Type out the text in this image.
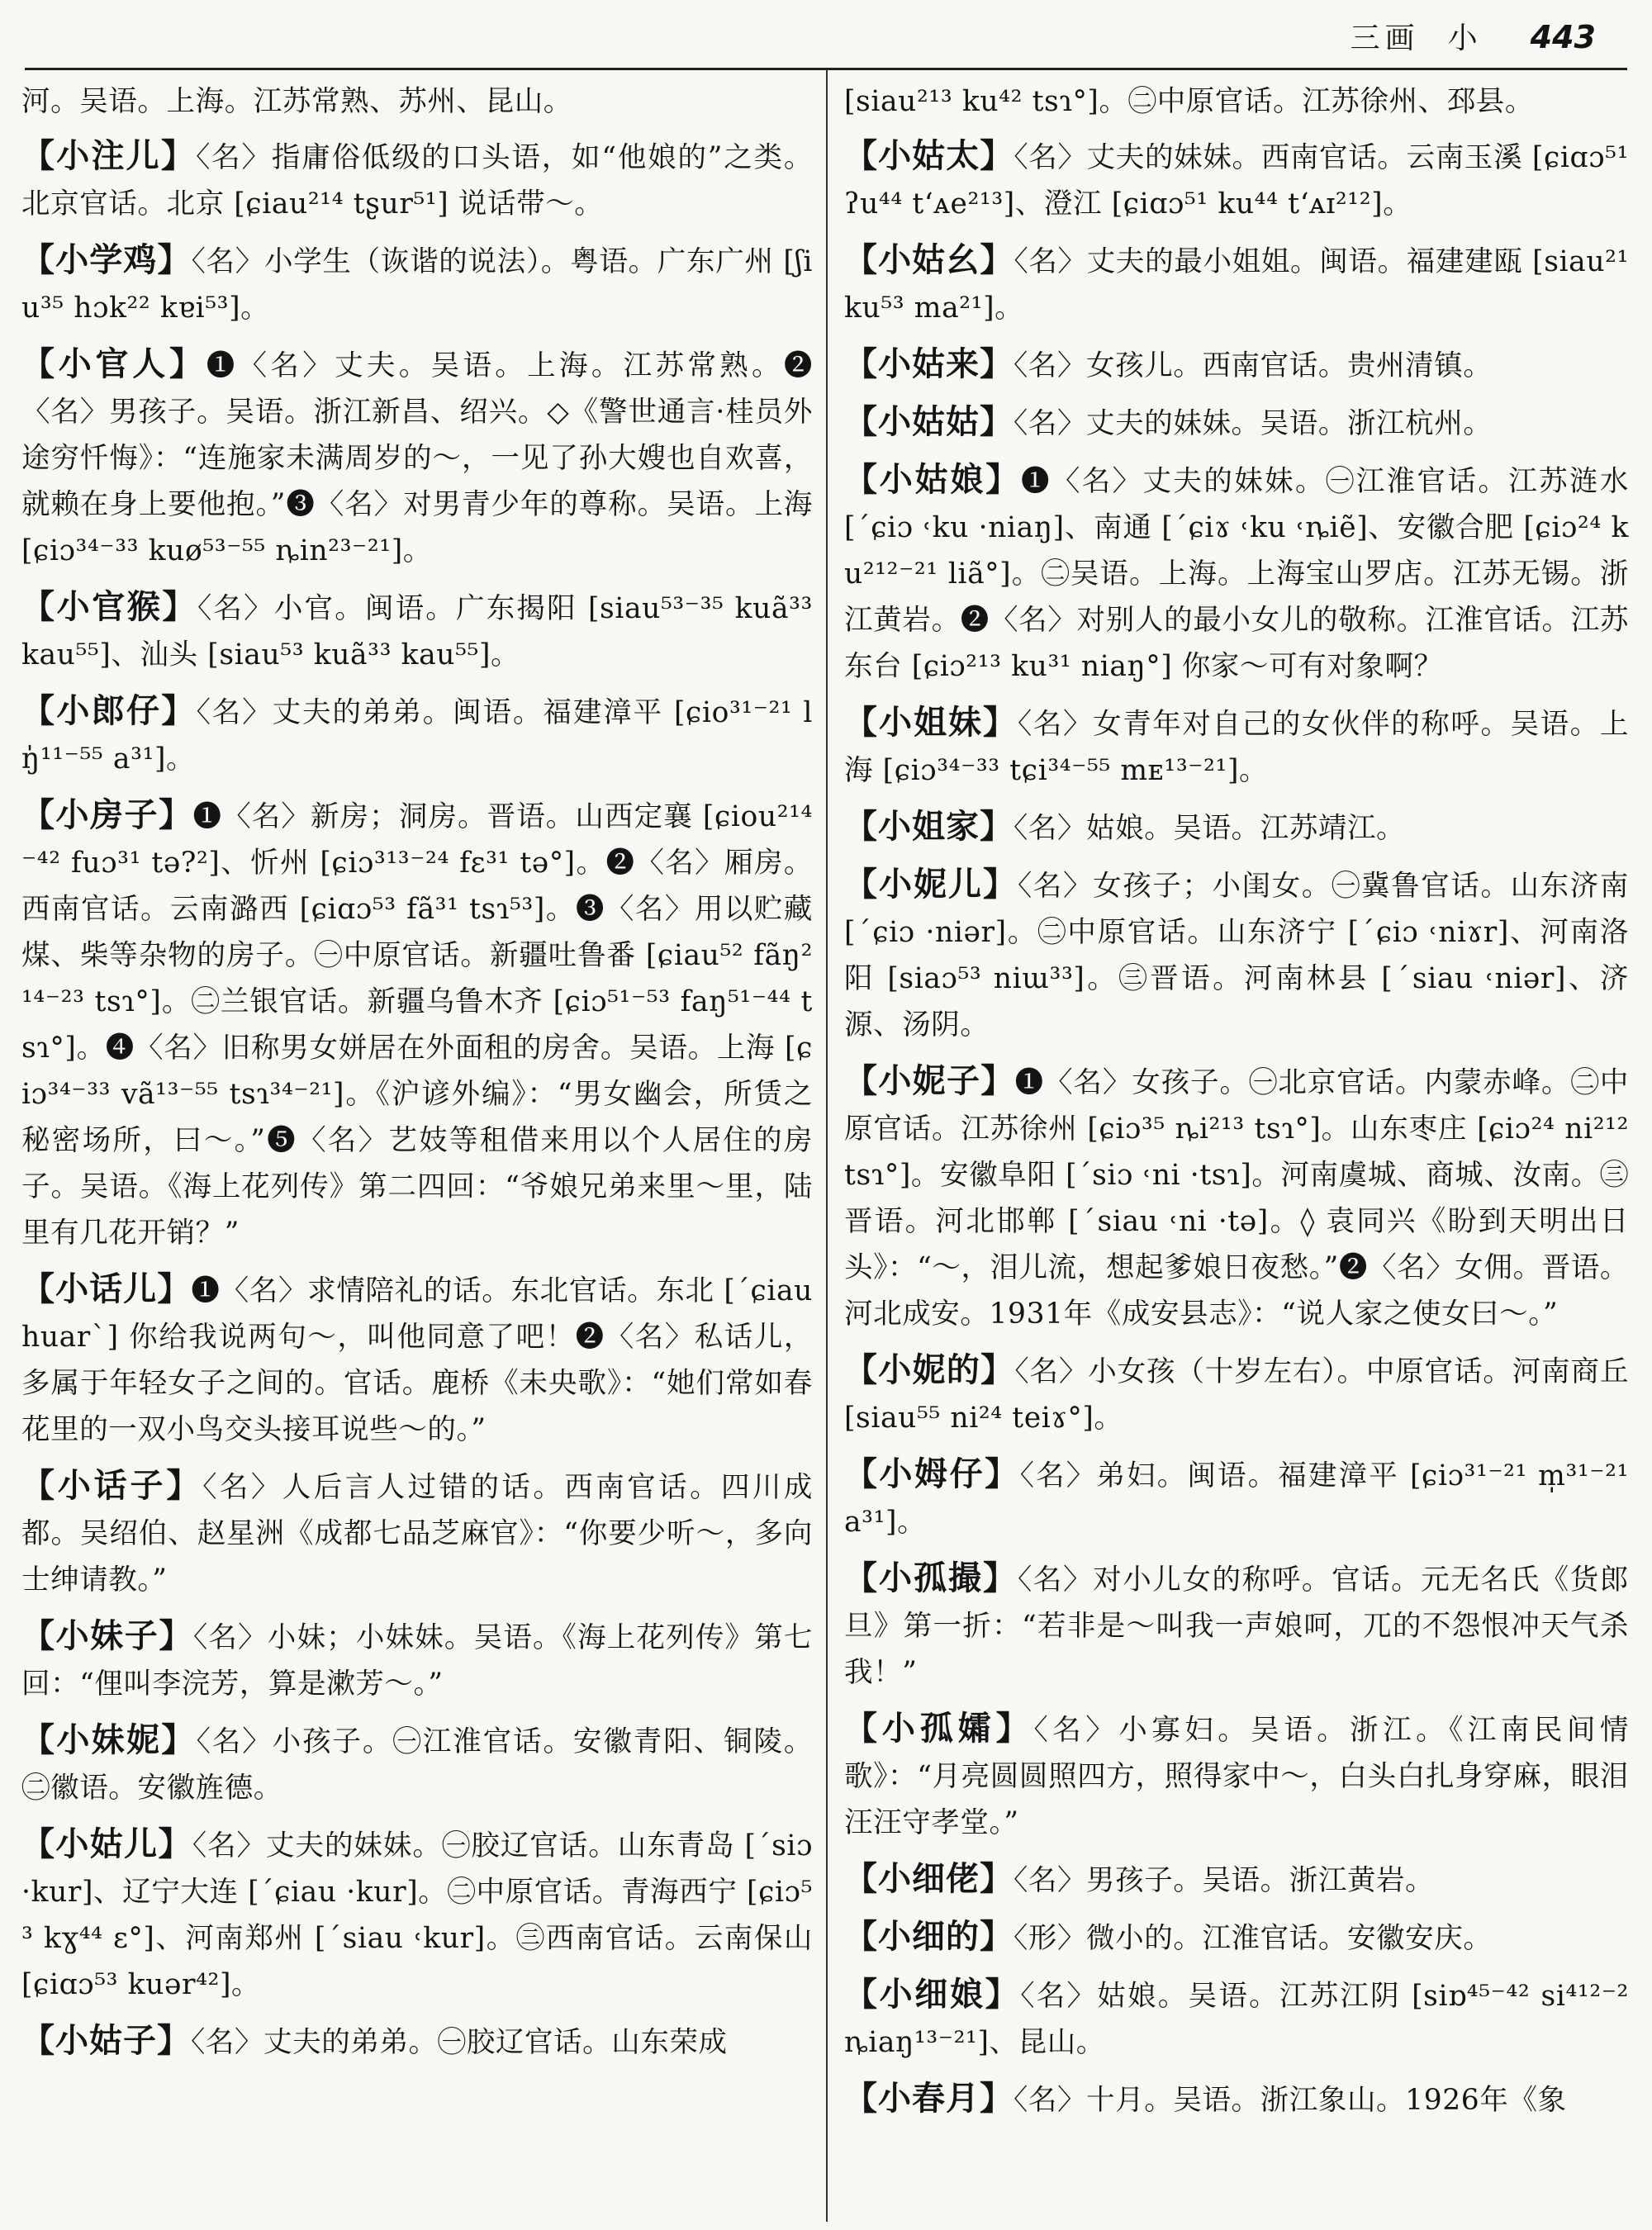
三画 小 443
河。吴语。上海。江苏常熟、苏州、昆山。
【小注儿】〈名〉指庸俗低级的口头语，如“他娘的”之类。北京官话。北京 [ɕiau²¹⁴ tʂur⁵¹] 说话带～。
【小学鸡】〈名〉小学生（诙谐的说法）。粤语。广东广州 [ʃiu³⁵ hɔk²² kɐi⁵³]。
【小官人】❶〈名〉丈夫。吴语。上海。江苏常熟。❷〈名〉男孩子。吴语。浙江新昌、绍兴。◇《警世通言·桂员外途穷忏悔》：“连施家未满周岁的～，一见了孙大嫂也自欢喜，就赖在身上要他抱。”❸〈名〉对男青少年的尊称。吴语。上海 [ɕiɔ³⁴⁻³³ kuø⁵³⁻⁵⁵ ȵin²³⁻²¹]。
【小官猴】〈名〉小官。闽语。广东揭阳 [siau⁵³⁻³⁵ kuã³³ kau⁵⁵]、汕头 [siau⁵³ kuã³³ kau⁵⁵]。
【小郎仔】〈名〉丈夫的弟弟。闽语。福建漳平 [ɕio³¹⁻²¹ lŋ̍¹¹⁻⁵⁵ a³¹]。
【小房子】❶〈名〉新房；洞房。晋语。山西定襄 [ɕiou²¹⁴⁻⁴² fuɔ³¹ tə?²]、忻州 [ɕiɔ³¹³⁻²⁴ fɛ³¹ tə°]。❷〈名〉厢房。西南官话。云南潞西 [ɕiɑɔ⁵³ fã³¹ tsɿ⁵³]。❸〈名〉用以贮藏煤、柴等杂物的房子。㊀中原官话。新疆吐鲁番 [ɕiau⁵² fãŋ²¹⁴⁻²³ tsɿ°]。㊁兰银官话。新疆乌鲁木齐 [ɕiɔ⁵¹⁻⁵³ faŋ⁵¹⁻⁴⁴ tsɿ°]。❹〈名〉旧称男女姘居在外面租的房舍。吴语。上海 [ɕiɔ³⁴⁻³³ vã¹³⁻⁵⁵ tsɿ³⁴⁻²¹]。《沪谚外编》：“男女幽会，所赁之秘密场所，曰～。”❺〈名〉艺妓等租借来用以个人居住的房子。吴语。《海上花列传》第二四回：“爷娘兄弟来里～里，陆里有几花开销？”
【小话儿】❶〈名〉求情陪礼的话。东北官话。东北 [ˊɕiau huarˋ] 你给我说两句～，叫他同意了吧！❷〈名〉私话儿，多属于年轻女子之间的。官话。鹿桥《未央歌》：“她们常如春花里的一双小鸟交头接耳说些～的。”
【小话子】〈名〉人后言人过错的话。西南官话。四川成都。吴绍伯、赵星洲《成都七品芝麻官》：“你要少听～，多向士绅请教。”
【小妹子】〈名〉小妹；小妹妹。吴语。《海上花列传》第七回：“俚叫李浣芳，算是漱芳～。”
【小妹妮】〈名〉小孩子。㊀江淮官话。安徽青阳、铜陵。㊁徽语。安徽旌德。
【小姑儿】〈名〉丈夫的妹妹。㊀胶辽官话。山东青岛 [ˊsiɔ ·kur]、辽宁大连 [ˊɕiau ·kur]。㊁中原官话。青海西宁 [ɕiɔ⁵³ kɣ⁴⁴ ɛ°]、河南郑州 [ˊsiau ˓kur]。㊂西南官话。云南保山 [ɕiɑɔ⁵³ kuər⁴²]。
【小姑子】〈名〉丈夫的弟弟。㊀胶辽官话。山东荣成
[siau²¹³ ku⁴² tsɿ°]。㊁中原官话。江苏徐州、邳县。
【小姑太】〈名〉丈夫的妹妹。西南官话。云南玉溪 [ɕiɑɔ⁵¹ ʔu⁴⁴ tʻᴀe²¹³]、澄江 [ɕiɑɔ⁵¹ ku⁴⁴ tʻᴀɪ²¹²]。
【小姑幺】〈名〉丈夫的最小姐姐。闽语。福建建瓯 [siau²¹ ku⁵³ ma²¹]。
【小姑来】〈名〉女孩儿。西南官话。贵州清镇。
【小姑姑】〈名〉丈夫的妹妹。吴语。浙江杭州。
【小姑娘】❶〈名〉丈夫的妹妹。㊀江淮官话。江苏涟水 [ˊɕiɔ ˓ku ·niaŋ]、南通 [ˊɕiɤ ˓ku ˓ȵiẽ]、安徽合肥 [ɕiɔ²⁴ ku²¹²⁻²¹ liã°]。㊁吴语。上海。上海宝山罗店。江苏无锡。浙江黄岩。❷〈名〉对别人的最小女儿的敬称。江淮官话。江苏东台 [ɕiɔ²¹³ ku³¹ niaŋ°] 你家～可有对象啊？
【小姐妹】〈名〉女青年对自己的女伙伴的称呼。吴语。上海 [ɕiɔ³⁴⁻³³ tɕi³⁴⁻⁵⁵ mᴇ¹³⁻²¹]。
【小姐家】〈名〉姑娘。吴语。江苏靖江。
【小妮儿】〈名〉女孩子；小闺女。㊀冀鲁官话。山东济南 [ˊɕiɔ ·niər]。㊁中原官话。山东济宁 [ˊɕiɔ ˓niɤr]、河南洛阳 [siaɔ⁵³ niɯ³³]。㊂晋语。河南林县 [ˊsiau ˓niər]、济源、汤阴。
【小妮子】❶〈名〉女孩子。㊀北京官话。内蒙赤峰。㊁中原官话。江苏徐州 [ɕiɔ³⁵ ȵi²¹³ tsɿ°]。山东枣庄 [ɕiɔ²⁴ ni²¹² tsɿ°]。安徽阜阳 [ˊsiɔ ˓ni ·tsɿ]。河南虞城、商城、汝南。㊂晋语。河北邯郸 [ˊsiau ˓ni ·tə]。◊ 袁同兴《盼到天明出日头》：“～，泪儿流，想起爹娘日夜愁。”❷〈名〉女佣。晋语。河北成安。1931年《成安县志》：“说人家之使女曰～。”
【小妮的】〈名〉小女孩（十岁左右）。中原官话。河南商丘 [siau⁵⁵ ni²⁴ teiɤ°]。
【小姆仔】〈名〉弟妇。闽语。福建漳平 [ɕiɔ³¹⁻²¹ m̩³¹⁻²¹ a³¹]。
【小孤撮】〈名〉对小儿女的称呼。官话。元无名氏《货郎旦》第一折：“若非是～叫我一声娘呵，兀的不怨恨冲天气杀我！”
【小孤孀】〈名〉小寡妇。吴语。浙江。《江南民间情歌》：“月亮圆圆照四方，照得家中～，白头白扎身穿麻，眼泪汪汪守孝堂。”
【小细佬】〈名〉男孩子。吴语。浙江黄岩。
【小细的】〈形〉微小的。江淮官话。安徽安庆。
【小细娘】〈名〉姑娘。吴语。江苏江阴 [siɒ⁴⁵⁻⁴² si⁴¹²⁻² ȵiaŋ¹³⁻²¹]、昆山。
【小春月】〈名〉十月。吴语。浙江象山。1926年《象
